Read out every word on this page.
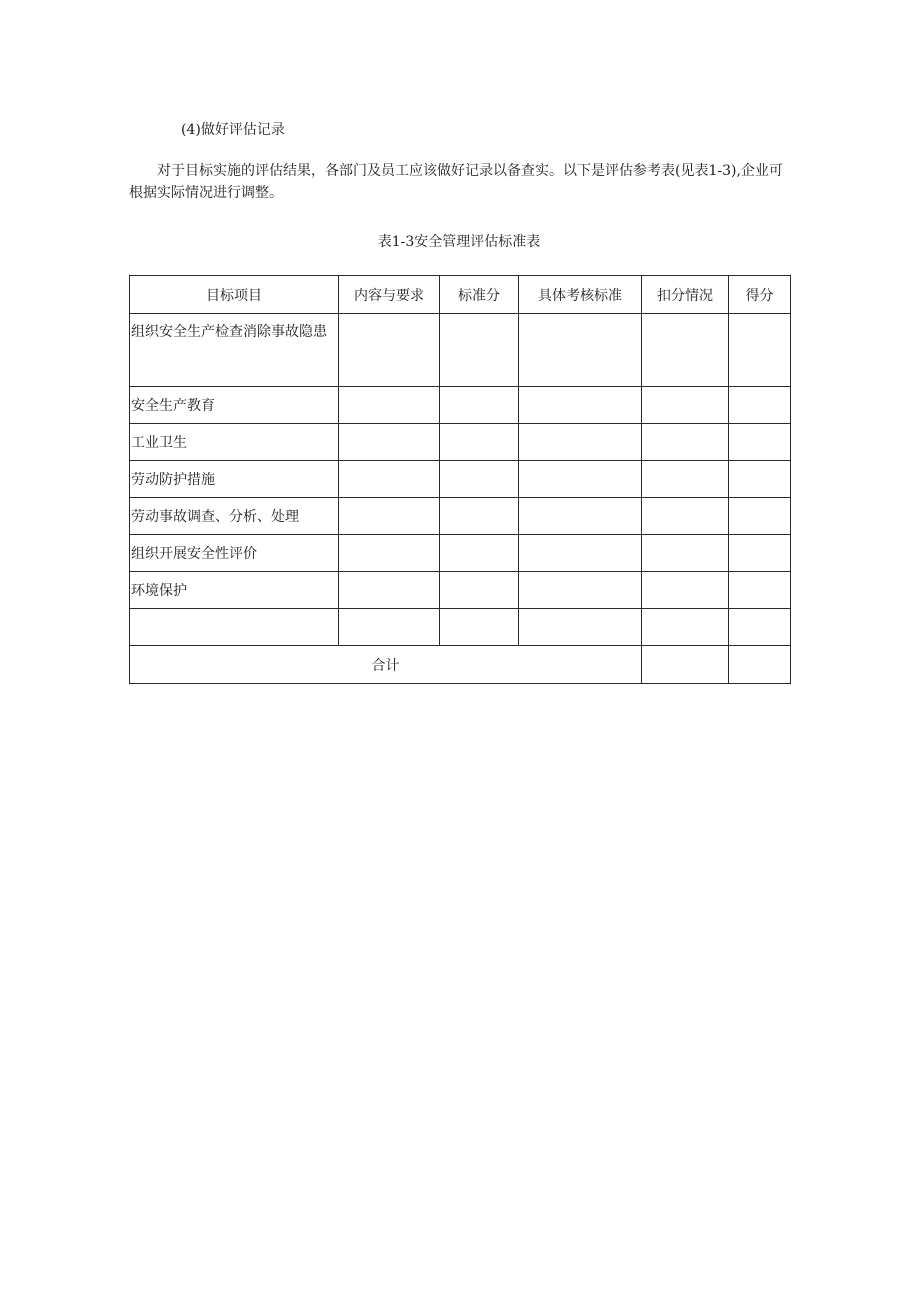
(4)做好评估记录
对于目标实施的评估结果，各部门及员工应该做好记录以备查实。以下是评估参考表(见表1-3),企业可根据实际情况进行调整。
表1-3安全管理评估标准表
目标项目	内容与要求	标准分	具体考核标准	扣分情况	得分
组织安全生产检查消除事故隐患					
安全生产教育					
工业卫生					
劳动防护措施					
劳动事故调查、分析、处理					
组织开展安全性评价					
环境保护					

合计					
